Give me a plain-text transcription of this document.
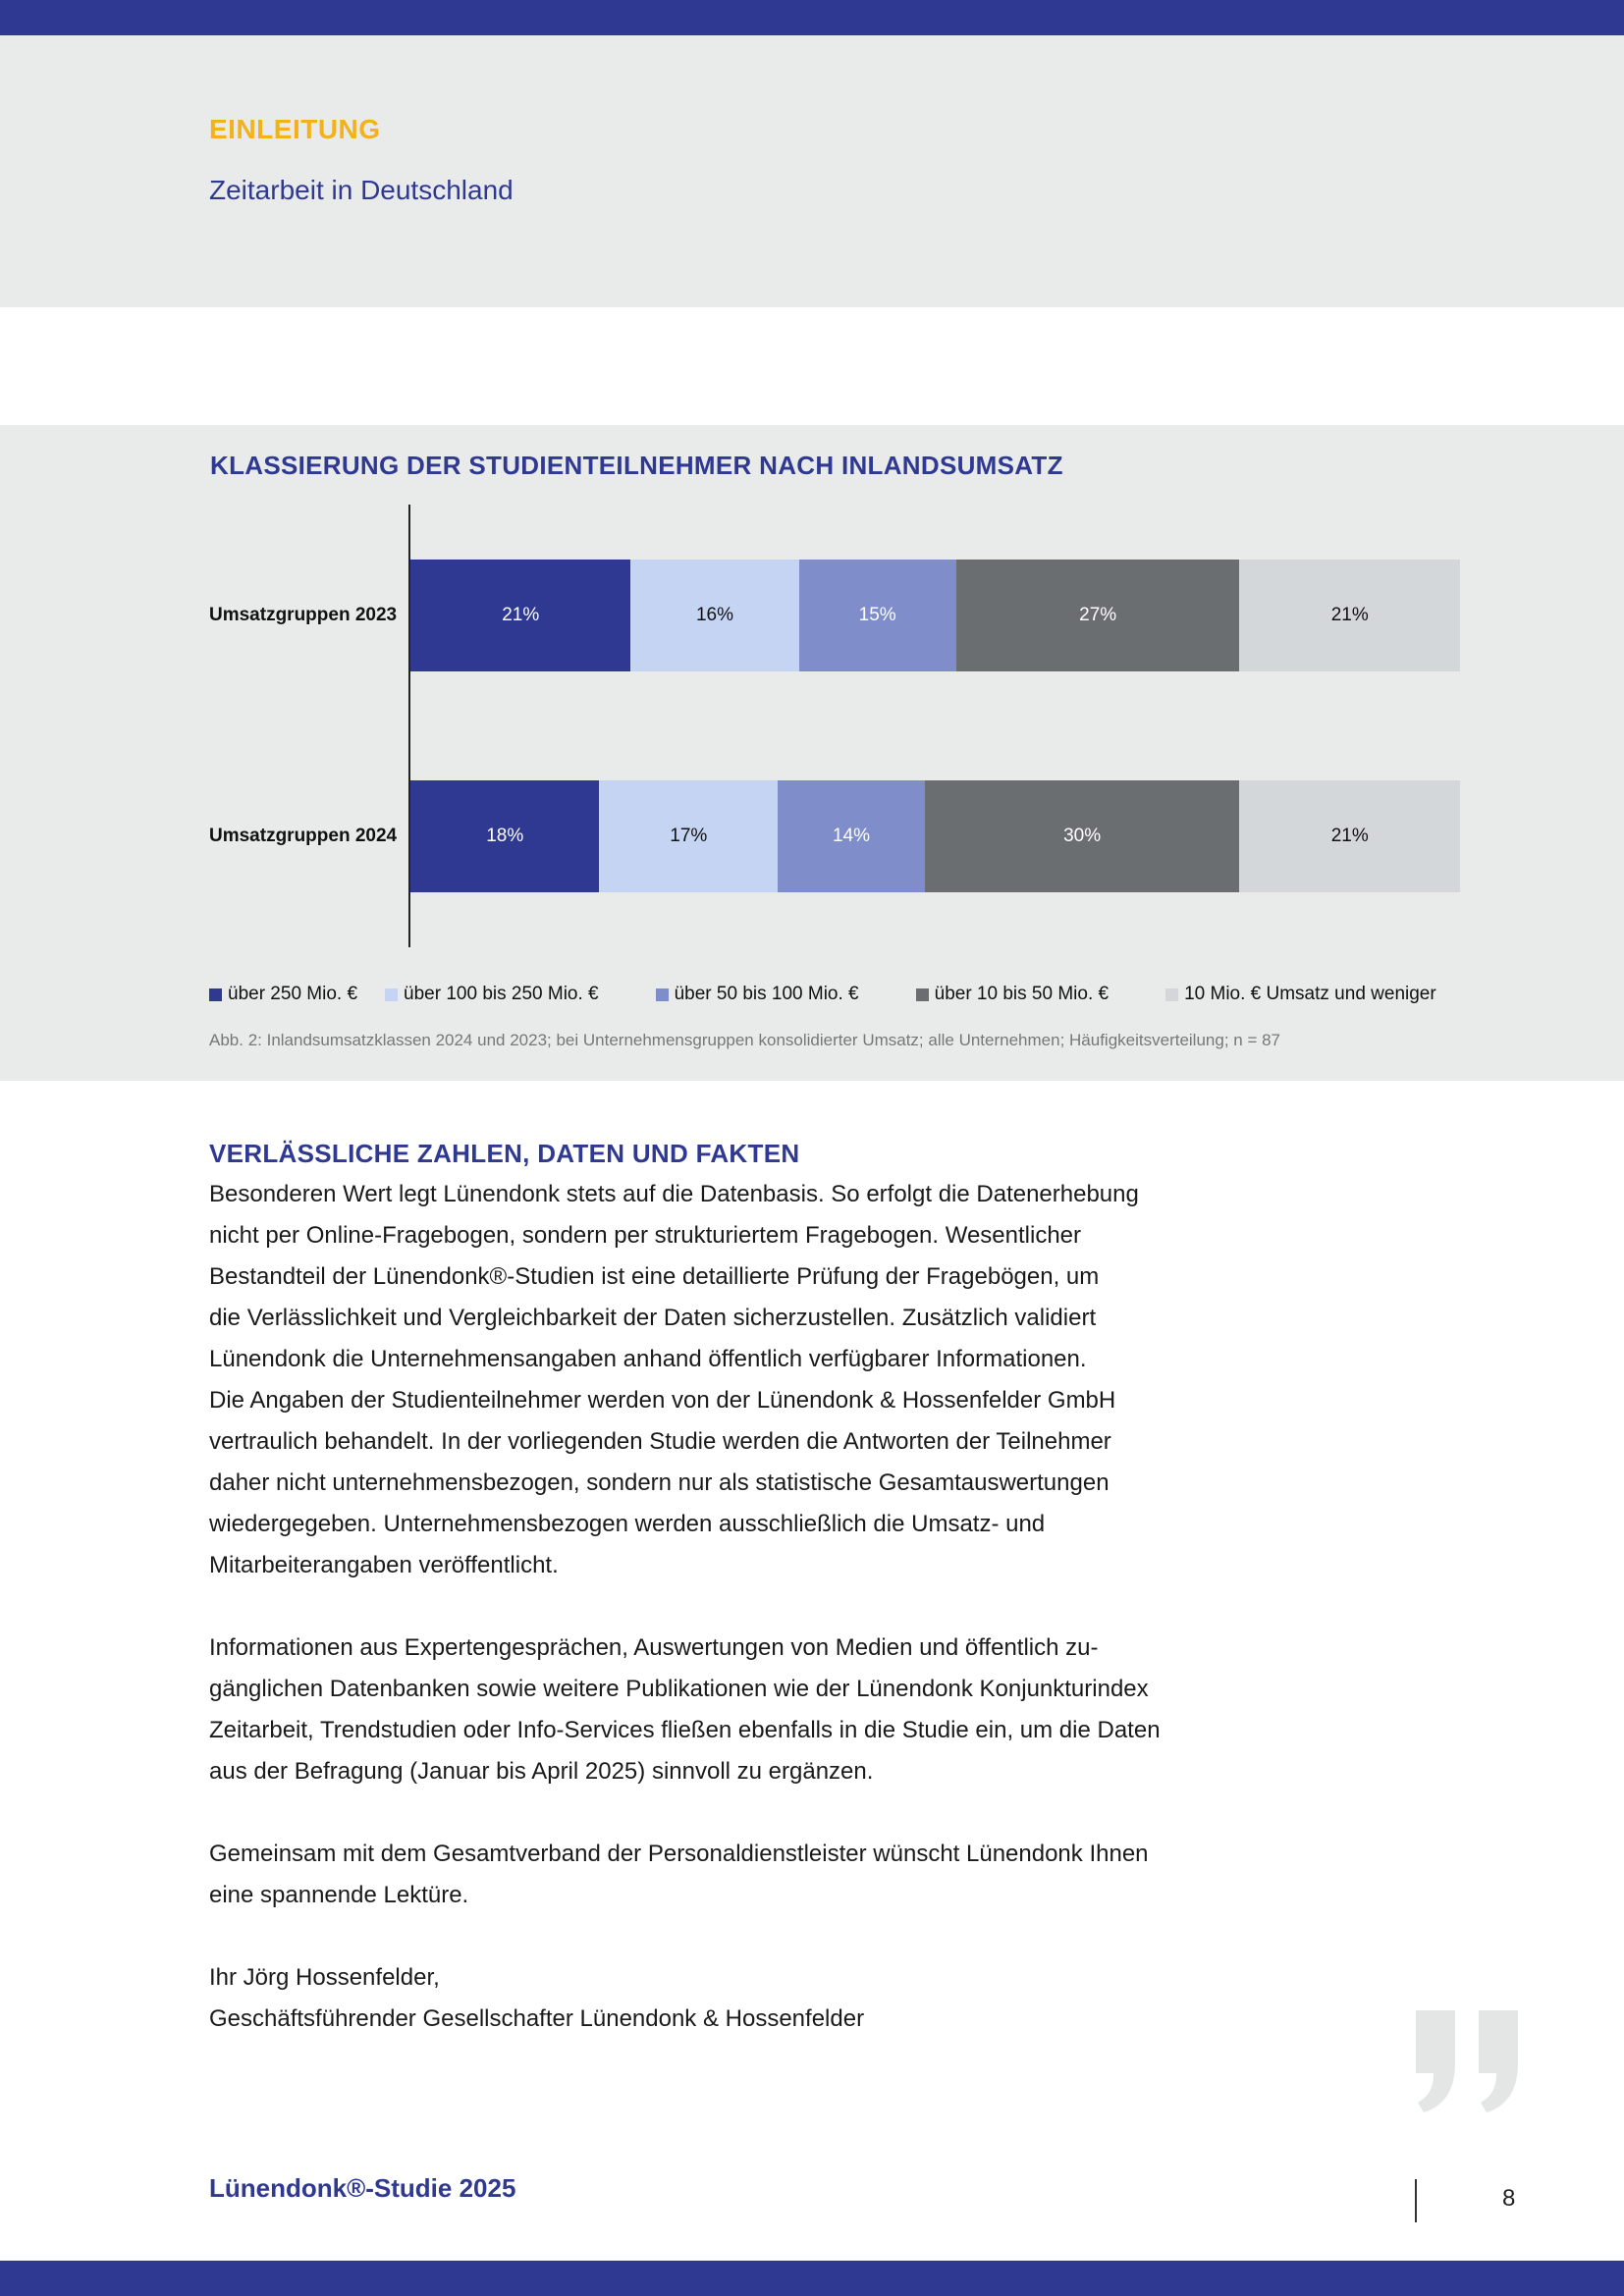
EINLEITUNG
Zeitarbeit in Deutschland
KLASSIERUNG DER STUDIENTEILNEHMER NACH INLANDSUMSATZ
Umsatzgruppen 2023	21%	16%	15%	27%	21%
Umsatzgruppen 2024	18%	17%	14%	30%	21%
über 250 Mio. € über 100 bis 250 Mio. €	über 50 bis 100 Mio. €	über 10 bis 50 Mio. €	10 Mio. € Umsatz und weniger
Abb. 2: Inlandsumsatzklassen 2024 und 2023; bei Unternehmensgruppen konsolidierter Umsatz; alle Unternehmen; Häufigkeitsverteilung; n = 87
VERLÄSSLICHE ZAHLEN, DATEN UND FAKTEN

Besonderen Wert legt Lünendonk stets auf die Datenbasis. So erfolgt die Datenerhebung
nicht per Online-Fragebogen, sondern per strukturiertem Fragebogen. Wesentlicher
Bestandteil der Lünendonk®-Studien ist eine detaillierte Prüfung der Fragebögen, um
die Verlässlichkeit und Vergleichbarkeit der Daten sicherzustellen. Zusätzlich validiert
Lünendonk die Unternehmensangaben anhand öffentlich verfügbarer Informationen.
Die Angaben der Studienteilnehmer werden von der Lünendonk & Hossenfelder GmbH
vertraulich behandelt. In der vorliegenden Studie werden die Antworten der Teilnehmer
daher nicht unternehmensbezogen, sondern nur als statistische Gesamtauswertungen
wiedergegeben. Unternehmensbezogen werden ausschließlich die Umsatz- und
Mitarbeiterangaben veröffentlicht.

Informationen aus Expertengesprächen, Auswertungen von Medien und öffentlich zu-
gänglichen Datenbanken sowie weitere Publikationen wie der Lünendonk Konjunkturindex
Zeitarbeit, Trendstudien oder Info-Services fließen ebenfalls in die Studie ein, um die Daten
aus der Befragung (Januar bis April 2025) sinnvoll zu ergänzen.

Gemeinsam mit dem Gesamtverband der Personaldienstleister wünscht Lünendonk Ihnen
eine spannende Lektüre.

Ihr Jörg Hossenfelder,
Geschäftsführender Gesellschafter Lünendonk & Hossenfelder

Lünendonk®-Studie 2025	8
